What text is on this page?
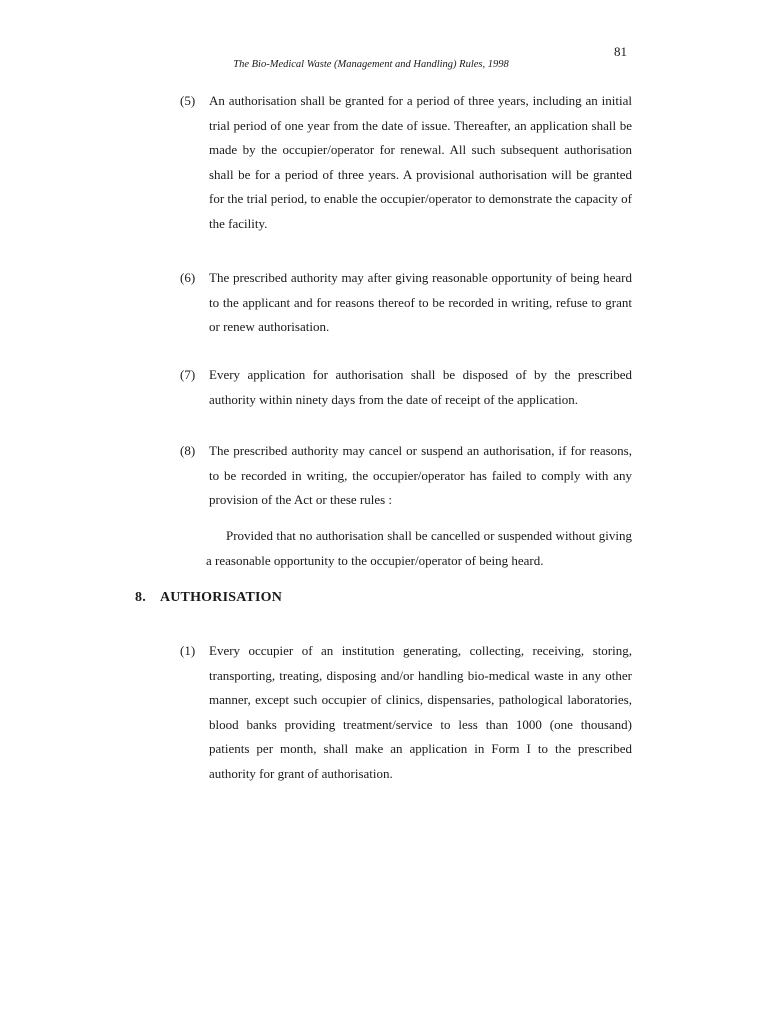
81
The Bio-Medical Waste (Management and Handling) Rules, 1998
(5)	An authorisation shall be granted for a period of three years, including an initial trial period of one year from the date of issue. Thereafter, an application shall be made by the occupier/operator for renewal. All such subsequent authorisation shall be for a period of three years. A provisional authorisation will be granted for the trial period, to enable the occupier/operator to demonstrate the capacity of the facility.
(6)	The prescribed authority may after giving reasonable opportunity of being heard to the applicant and for reasons thereof to be recorded in writing, refuse to grant or renew authorisation.
(7)	Every application for authorisation shall be disposed of by the prescribed authority within ninety days from the date of receipt of the application.
(8)	The prescribed authority may cancel or suspend an authorisation, if for reasons, to be recorded in writing, the occupier/operator has failed to comply with any provision of the Act or these rules :
Provided that no authorisation shall be cancelled or suspended without giving a reasonable opportunity to the occupier/operator of being heard.
8. AUTHORISATION
(1)	Every occupier of an institution generating, collecting, receiving, storing, transporting, treating, disposing and/or handling bio-medical waste in any other manner, except such occupier of clinics, dispensaries, pathological laboratories, blood banks providing treatment/service to less than 1000 (one thousand) patients per month, shall make an application in Form I to the prescribed authority for grant of authorisation.
